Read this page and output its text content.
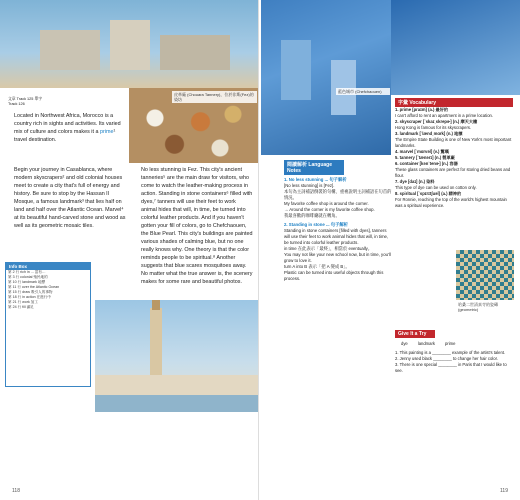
皮革廠 (Chouara Tannery)，位於非斯(Fez)的染坊
文章 Track 125 單字 Track 126
Located in Northwest Africa, Morocco is a country rich in sights and activities. Its varied mix of culture and colors makes it a prime¹ travel destination.
Begin your journey in Casablanca, where modern skyscrapers² and old colonial houses meet to create a city that's full of energy and history. Be sure to stop by the Hassan II Mosque, a famous landmark³ that lies half on land and half over the Atlantic Ocean. Marvel⁴ at its beautiful hand-carved stone and wood as well as its geometric mosaic tiles.
No less stunning is Fez. This city's ancient tanneries⁵ are the main draw for visitors, who come to watch the leather-making process in action. Standing in stone containers⁶ filled with dyes,⁷ tanners will use their feet to work animal hides that will, in time, be turned into colorful leather products. And if you haven't gotten your fill of colors, go to Chefchaouen, the Blue Pearl. This city's buildings are painted various shades of calming blue, but no one really knows why. One theory is that the color reminds people to be spiritual.⁸ Another suggests that blue scares mosquitoes away. No matter what the true answer is, the scenery makes for some rare and beautiful photos.
Info Box
第 2 行 rich in ... 富有…
第 3 行 colonial 殖民地的
第 10 行 landmark 地標
第 11 行 over the Atlantic Ocean
第 15 行 draw 吸引人的事物
第 18 行 in action 在進行中
第 21 行 work 加工
第 24 行 fill 滿足
118
藍色城市 (Chefchaouen)
閱讀解析 Language Notes
1. No less stunning ... 句子解析
[No less stunning] is [Fez].
本句為主詞補語倒裝的句構，重複說明主詞補語在句首的情況。
My favorite coffee shop is around the corner.
→ Around the corner is my favorite coffee shop.
我最喜歡的咖啡廳就在轉角。
2. Standing in stone ... 句子解析
Standing in stone containers [filled with dyes], tanners will use their feet to work animal hides that will, in time, be turned into colorful leather products.
in time 在此表示「最終」，相當於 eventually。
You may not like your new school now, but in time, you'll grow to love it.
turn A into B 表示「把 A 變成 B」。
Plastic can be turned into useful objects through this process.
字彙 Vocabulary
1. prime [praɪm] (a.) 最好的
I can't afford to rent an apartment in a prime location.
2. skyscraper [ˈskaɪˌskrepɚ] (n.) 摩天大樓
Hong Kong is famous for its skyscrapers.
3. landmark [ˈlændˌmɑrk] (n.) 地標
The Empire State Building is one of New York's most important landmarks.
4. marvel [ˈmɑrvəl] (v.) 驚嘆
5. tannery [ˈtænərɪ] (n.) 製革廠
6. container [kənˈtenɚ] (n.) 容器
These glass containers are perfect for storing dried beans and flour.
7. dye [daɪ] (n.) 染料
This type of dye can be used on cotton only.
8. spiritual [ˈspɪrɪtʃuəl] (a.) 精神的
For Ronnie, reaching the top of the world's highest mountain was a spiritual experience.
哈桑二世清真寺的瓷磚 (geometric)
Give It a Try
dye landmark prime
1. This painting is a ________ example of the artist's talent.
2. Jenny used black ________ to change her hair color.
3. There is one special ________ in Paris that I would like to see.
119
